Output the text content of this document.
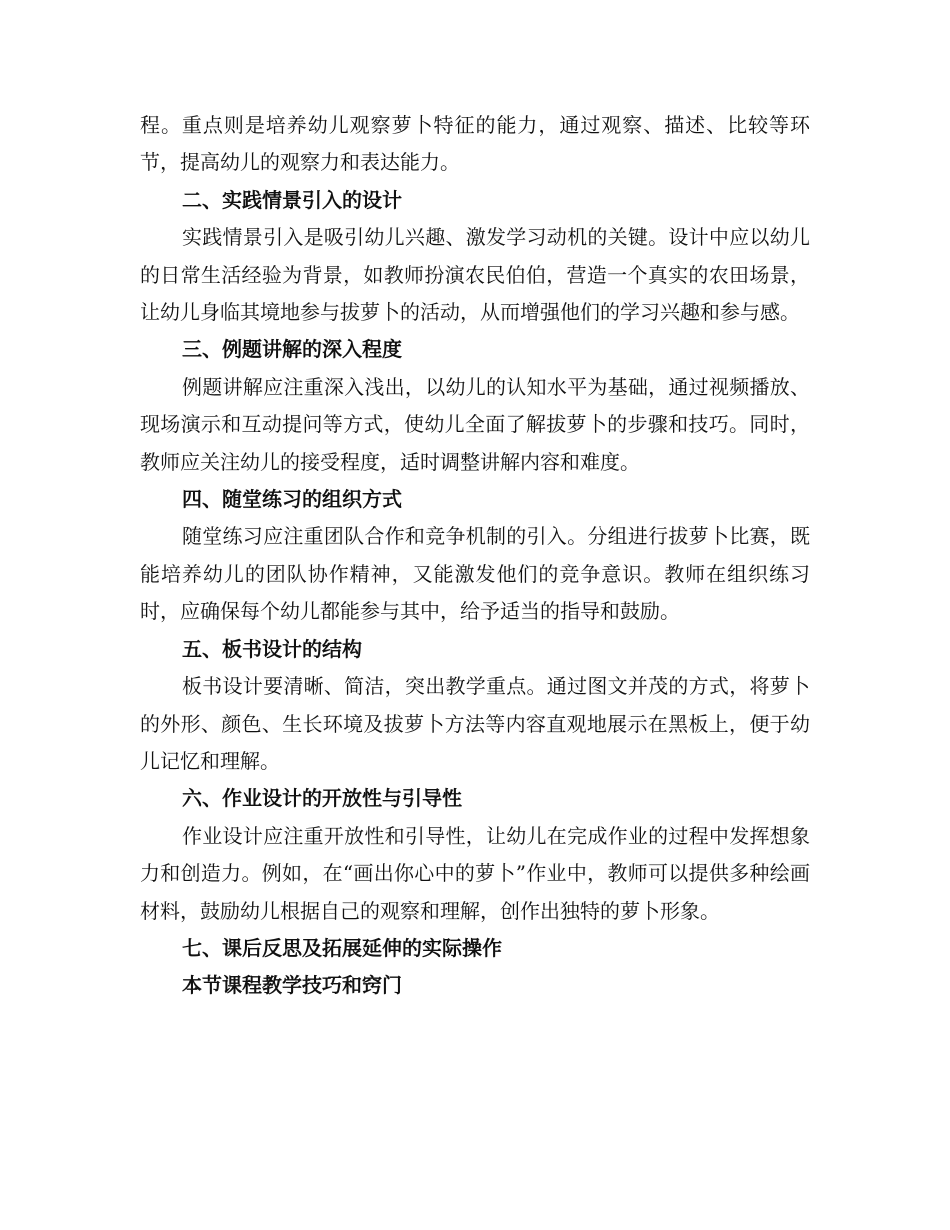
程。重点则是培养幼儿观察萝卜特征的能力，通过观察、描述、比较等环节，提高幼儿的观察力和表达能力。

二、实践情景引入的设计

实践情景引入是吸引幼儿兴趣、激发学习动机的关键。设计中应以幼儿的日常生活经验为背景，如教师扮演农民伯伯，营造一个真实的农田场景，让幼儿身临其境地参与拔萝卜的活动，从而增强他们的学习兴趣和参与感。

三、例题讲解的深入程度

例题讲解应注重深入浅出，以幼儿的认知水平为基础，通过视频播放、现场演示和互动提问等方式，使幼儿全面了解拔萝卜的步骤和技巧。同时，教师应关注幼儿的接受程度，适时调整讲解内容和难度。

四、随堂练习的组织方式

随堂练习应注重团队合作和竞争机制的引入。分组进行拔萝卜比赛，既能培养幼儿的团队协作精神，又能激发他们的竞争意识。教师在组织练习时，应确保每个幼儿都能参与其中，给予适当的指导和鼓励。

五、板书设计的结构

板书设计要清晰、简洁，突出教学重点。通过图文并茂的方式，将萝卜的外形、颜色、生长环境及拔萝卜方法等内容直观地展示在黑板上，便于幼儿记忆和理解。

六、作业设计的开放性与引导性

作业设计应注重开放性和引导性，让幼儿在完成作业的过程中发挥想象力和创造力。例如，在“画出你心中的萝卜”作业中，教师可以提供多种绘画材料，鼓励幼儿根据自己的观察和理解，创作出独特的萝卜形象。

七、课后反思及拓展延伸的实际操作

本节课程教学技巧和窍门
